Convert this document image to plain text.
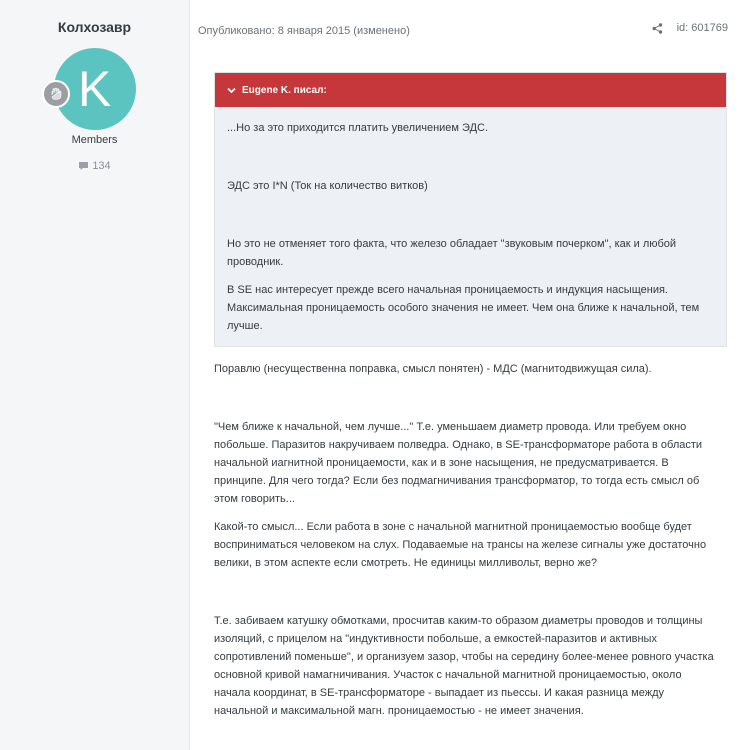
Колхозавр
K
Members
134
Опубликовано: 8 января 2015 (изменено)	id: 601769
Eugene K. писал:

...Но за это приходится платить увеличением ЭДС.

ЭДС это I*N (Ток на количество витков)

Но это не отменяет того факта, что железо обладает "звуковым почерком", как и любой проводник.

В SE нас интересует прежде всего начальная проницаемость и индукция насыщения. Максимальная проницаемость особого значения не имеет. Чем она ближе к начальной, тем лучше.

Поравлю (несущественна поправка, смысл понятен) - МДС (магнитодвижущая сила).

"Чем ближе к начальной, чем лучше..." Т.е. уменьшаем диаметр провода. Или требуем окно побольше. Паразитов накручиваем полведра. Однако, в SE-трансформаторе работа в области начальной иагнитной проницаемости, как и в зоне насыщения, не предусматривается. В принципе. Для чего тогда? Если без подмагничивания трансформатор, то тогда есть смысл об этом говорить...

Какой-то смысл... Если работа в зоне с начальной магнитной проницаемостью вообще будет восприниматься человеком на слух. Подаваемые на трансы на железе сигналы уже достаточно велики, в этом аспекте если смотреть. Не единицы милливольт, верно же?

Т.е. забиваем катушку обмотками, просчитав каким-то образом диаметры проводов и толщины изоляций, с прицелом на "индуктивности побольше, а емкостей-паразитов и активных сопротивлений поменьше", и организуем зазор, чтобы на середину более-менее ровного участка основной кривой намагничивания. Участок с начальной магнитной проницаемостью, около начала координат, в SE-трансформаторе - выпадает из пьессы. И какая разница между начальной и максимальной магн. проницаемостью - не имеет значения.
